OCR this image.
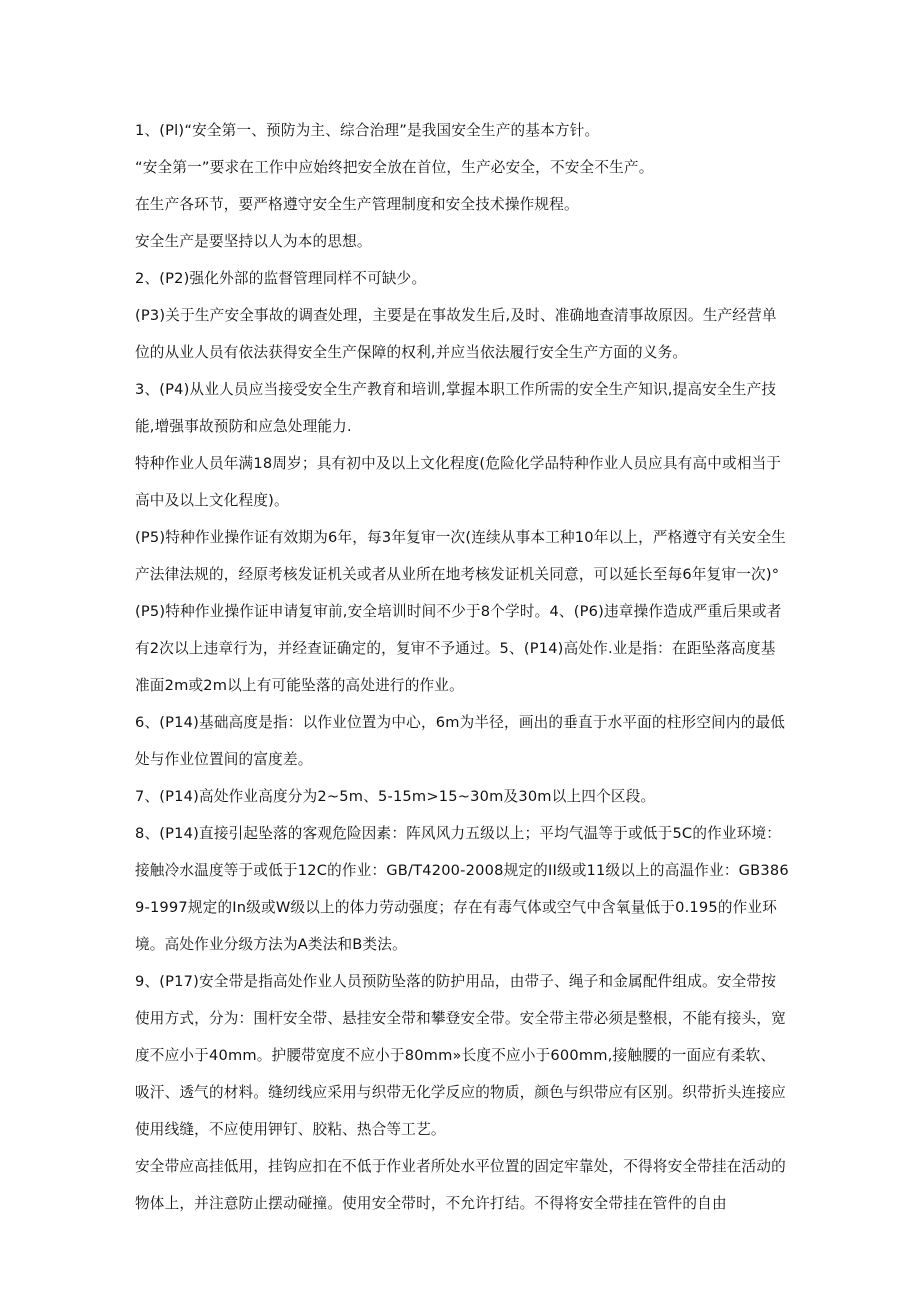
1、(Pl)“安全第一、预防为主、综合治理”是我国安全生产的基本方针。

“安全第一”要求在工作中应始终把安全放在首位，生产必安全，不安全不生产。

在生产各环节，要严格遵守安全生产管理制度和安全技术操作规程。

安全生产是要坚持以人为本的思想。

2、(P2)强化外部的监督管理同样不可缺少。

(P3)关于生产安全事故的调查处理，主要是在事故发生后,及时、准确地查清事故原因。生产经营单位的从业人员有依法获得安全生产保障的权利,并应当依法履行安全生产方面的义务。

3、(P4)从业人员应当接受安全生产教育和培训,掌握本职工作所需的安全生产知识,提高安全生产技能,增强事故预防和应急处理能力.

特种作业人员年满18周岁；具有初中及以上文化程度(危险化学品特种作业人员应具有高中或相当于高中及以上文化程度)。

(P5)特种作业操作证有效期为6年，每3年复审一次(连续从事本工种10年以上，严格遵守有关安全生产法律法规的，经原考核发证机关或者从业所在地考核发证机关同意，可以延长至每6年复审一次)°(P5)特种作业操作证申请复审前,安全培训时间不少于8个学时。4、(P6)违章操作造成严重后果或者有2次以上违章行为，并经查证确定的，复审不予通过。5、(P14)高处作.业是指：在距坠落高度基准面2m或2m以上有可能坠落的高处进行的作业。

6、(P14)基础高度是指：以作业位置为中心，6m为半径，画出的垂直于水平面的柱形空间内的最低处与作业位置间的富度差。

7、(P14)高处作业高度分为2~5m、5-15m>15~30m及30m以上四个区段。

8、(P14)直接引起坠落的客观危险因素：阵风风力五级以上；平均气温等于或低于5C的作业环境：接触冷水温度等于或低于12C的作业：GB/T4200-2008规定的II级或11级以上的高温作业：GB3869-1997规定的In级或W级以上的体力劳动强度；存在有毒气体或空气中含氧量低于0.195的作业环境。高处作业分级方法为A类法和B类法。

9、(P17)安全带是指高处作业人员预防坠落的防护用品，由带子、绳子和金属配件组成。安全带按使用方式，分为：围杆安全带、悬挂安全带和攀登安全带。安全带主带必须是整根，不能有接头，宽度不应小于40mm。护腰带宽度不应小于80mm»长度不应小于600mm,接触腰的一面应有柔软、吸汗、透气的材料。缝纫线应采用与织带无化学反应的物质，颜色与织带应有区别。织带折头连接应使用线缝，不应使用钾钉、胶粘、热合等工艺。

安全带应高挂低用，挂钩应扣在不低于作业者所处水平位置的固定牢靠处，不得将安全带挂在活动的物体上，并注意防止摆动碰撞。使用安全带时，不允许打结。不得将安全带挂在管件的自由
